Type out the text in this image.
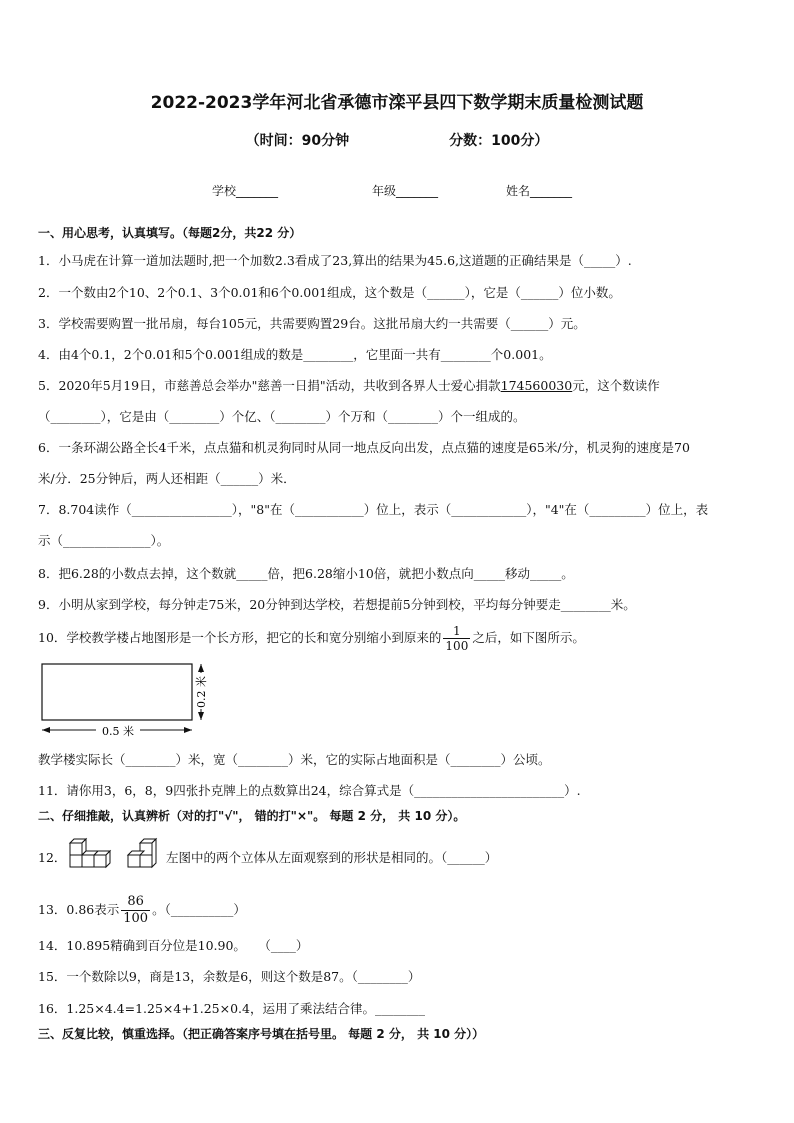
2022-2023学年河北省承德市滦平县四下数学期末质量检测试题
（时间：90分钟	分数：100分）
学校_______	年级_______	姓名_______
一、用心思考，认真填写。（每题2分，共22 分）
1．小马虎在计算一道加法题时,把一个加数2.3看成了23,算出的结果为45.6,这道题的正确结果是（_____）.
2．一个数由2个10、2个0.1、3个0.01和6个0.001组成，这个数是（______），它是（______）位小数。
3．学校需要购置一批吊扇，每台105元，共需要购置29台。这批吊扇大约一共需要（______）元。
4．由4个0.1，2个0.01和5个0.001组成的数是________，它里面一共有________个0.001。
5．2020年5月19日，市慈善总会举办"慈善一日捐"活动，共收到各界人士爱心捐款174560030元，这个数读作
（________），它是由（________）个亿、（________）个万和（________）个一组成的。
6．一条环湖公路全长4千米，点点猫和机灵狗同时从同一地点反向出发，点点猫的速度是65米/分，机灵狗的速度是70
米/分．25分钟后，两人还相距（______）米．
7．8.704读作（________________），"8"在（___________）位上，表示（____________），"4"在（_________）位上，表
示（______________）。
8．把6.28的小数点去掉，这个数就_____倍，把6.28缩小10倍，就把小数点向_____移动_____。
9．小明从家到学校，每分钟走75米，20分钟到达学校，若想提前5分钟到校，平均每分钟要走________米。
10．学校教学楼占地图形是一个长方形，把它的长和宽分别缩小到原来的 $\frac{1}{100}$ 之后，如下图所示。
0.5 米
0.2 米
教学楼实际长（________）米，宽（________）米，它的实际占地面积是（________）公顷。
11．请你用3，6，8，9四张扑克牌上的点数算出24，综合算式是（________________________）.
二、仔细推敲，认真辨析（对的打"√"， 错的打"×"。 每题 2 分， 共 10 分）。
12．	左图中的两个立体从左面观察到的形状是相同的。（______）
13．0.86表示 $\frac{86}{100}$ 。（__________）
14．10.895精确到百分位是10.90。　　（____）
15．一个数除以9，商是13，余数是6，则这个数是87。（________）
16．1.25×4.4=1.25×4+1.25×0.4，运用了乘法结合律。________
三、反复比较，慎重选择。（把正确答案序号填在括号里。 每题 2 分， 共 10 分））
